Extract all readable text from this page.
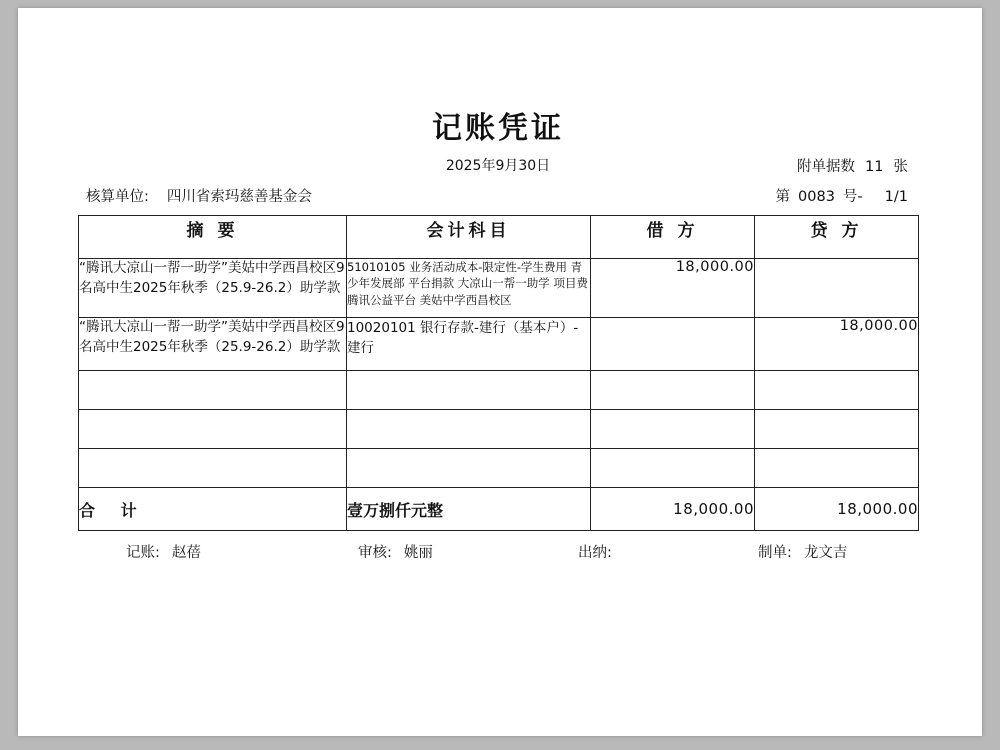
记账凭证
2025年9月30日
核算单位: 四川省索玛慈善基金会
附单据数 11 张
第 0083 号- 1/1
摘 要	会计科目	借 方	贷 方
“腾讯大凉山一帮一助学”美姑中学西昌校区9名高中生2025年秋季（25.9-26.2）助学款	51010105 业务活动成本-限定性-学生费用 青少年发展部 平台捐款 大凉山一帮一助学 项目费 腾讯公益平台 美姑中学西昌校区	18,000.00	
“腾讯大凉山一帮一助学”美姑中学西昌校区9名高中生2025年秋季（25.9-26.2）助学款	10020101 银行存款-建行（基本户）-建行		18,000.00

合 计	壹万捌仟元整	18,000.00	18,000.00
记账: 赵蓓	审核: 姚丽	出纳:	制单: 龙文吉
